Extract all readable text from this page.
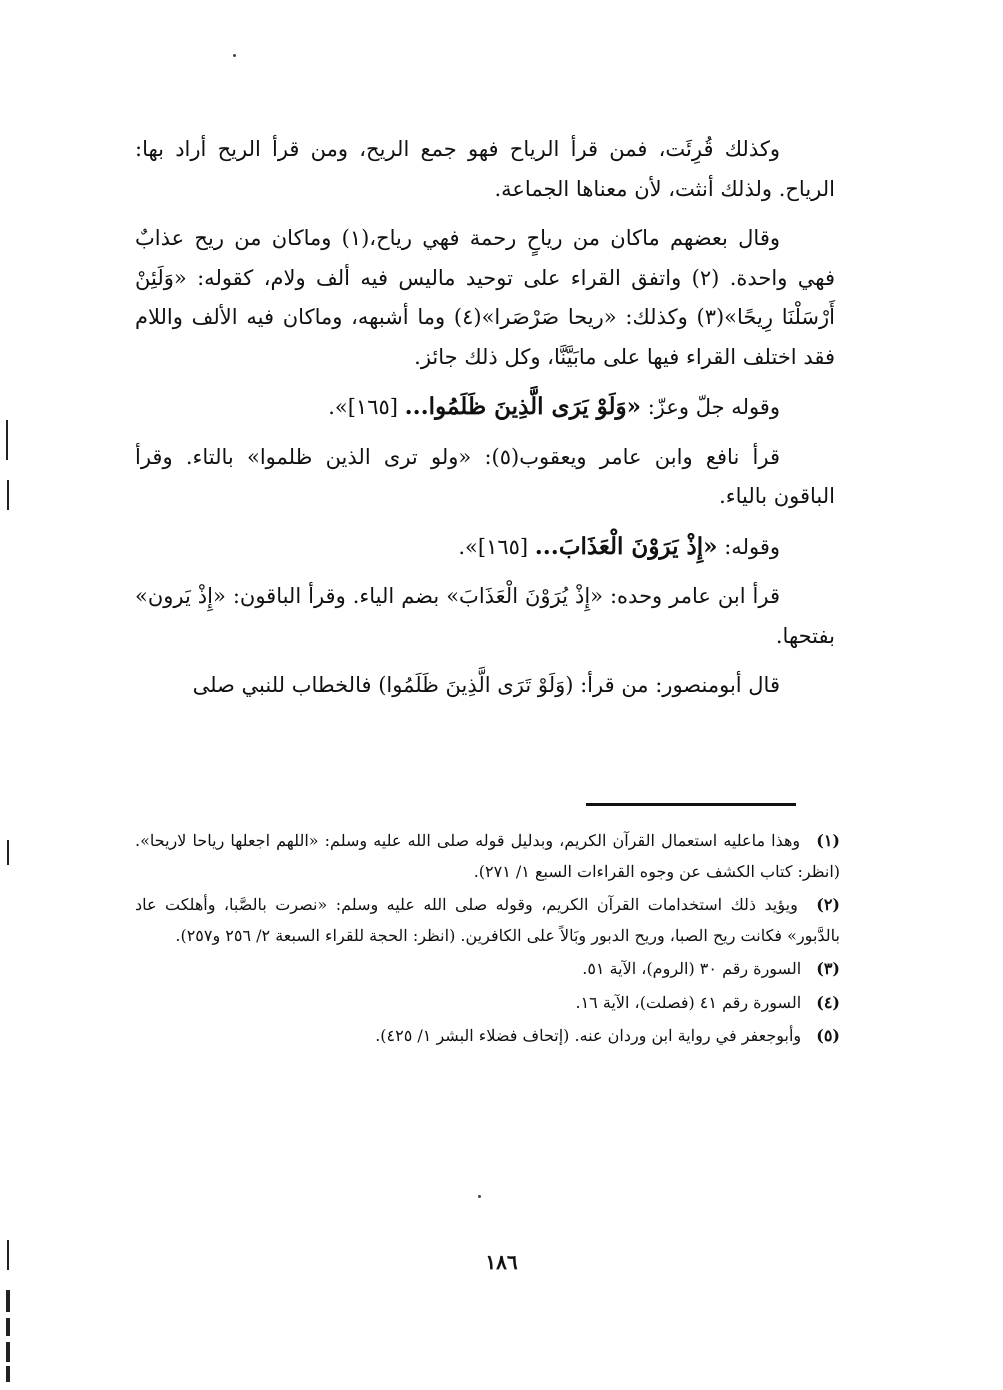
وكذلك قُرِئَت، فمن قرأ الرياح فهو جمع الريح، ومن قرأ الريح أراد بها: الرياح. ولذلك أنثت، لأن معناها الجماعة.

وقال بعضهم ماكان من رياحٍ رحمة فهي رياح،(١) وماكان من ريح عذابٌ فهي واحدة. (٢) واتفق القراء على توحيد ماليس فيه ألف ولام، كقوله: «وَلَئِنْ أَرْسَلْنَا رِيحًا»(٣) وكذلك: «ريحا صَرْصَرا»(٤) وما أشبهه، وماكان فيه الألف واللام فقد اختلف القراء فيها على مابَيَّنَّا، وكل ذلك جائز.

وقوله جلّ وعزّ: «وَلَوْ يَرَى الَّذِينَ ظَلَمُوا... [١٦٥]».

قرأ نافع وابن عامر ويعقوب(٥): «ولو ترى الذين ظلموا» بالتاء. وقرأ الباقون بالياء.

وقوله: «إِذْ يَرَوْنَ الْعَذَابَ... [١٦٥]».

قرأ ابن عامر وحده: «إِذْ يُرَوْنَ الْعَذَابَ» بضم الياء. وقرأ الباقون: «إِذْ يَرون» بفتحها.

قال أبومنصور: من قرأ: (وَلَوْ تَرَى الَّذِينَ ظَلَمُوا) فالخطاب للنبي صلى

(١) وهذا ماعليه استعمال القرآن الكريم، وبدليل قوله صلى الله عليه وسلم: «اللهم اجعلها رياحا لاريحا». (انظر: كتاب الكشف عن وجوه القراءات السبع ١/ ٢٧١).

(٢) ويؤيد ذلك استخدامات القرآن الكريم، وقوله صلى الله عليه وسلم: «نصرت بالصَّبا، وأهلكت عاد بالدَّبور» فكانت ريح الصبا، وريح الدبور وبَالاً على الكافرين. (انظر: الحجة للقراء السبعة ٢/ ٢٥٦ و٢٥٧).

(٣) السورة رقم ٣٠ (الروم)، الآية ٥١.

(٤) السورة رقم ٤١ (فصلت)، الآية ١٦.

(٥) وأبوجعفر في رواية ابن وردان عنه. (إتحاف فضلاء البشر ١/ ٤٢٥).

١٨٦
